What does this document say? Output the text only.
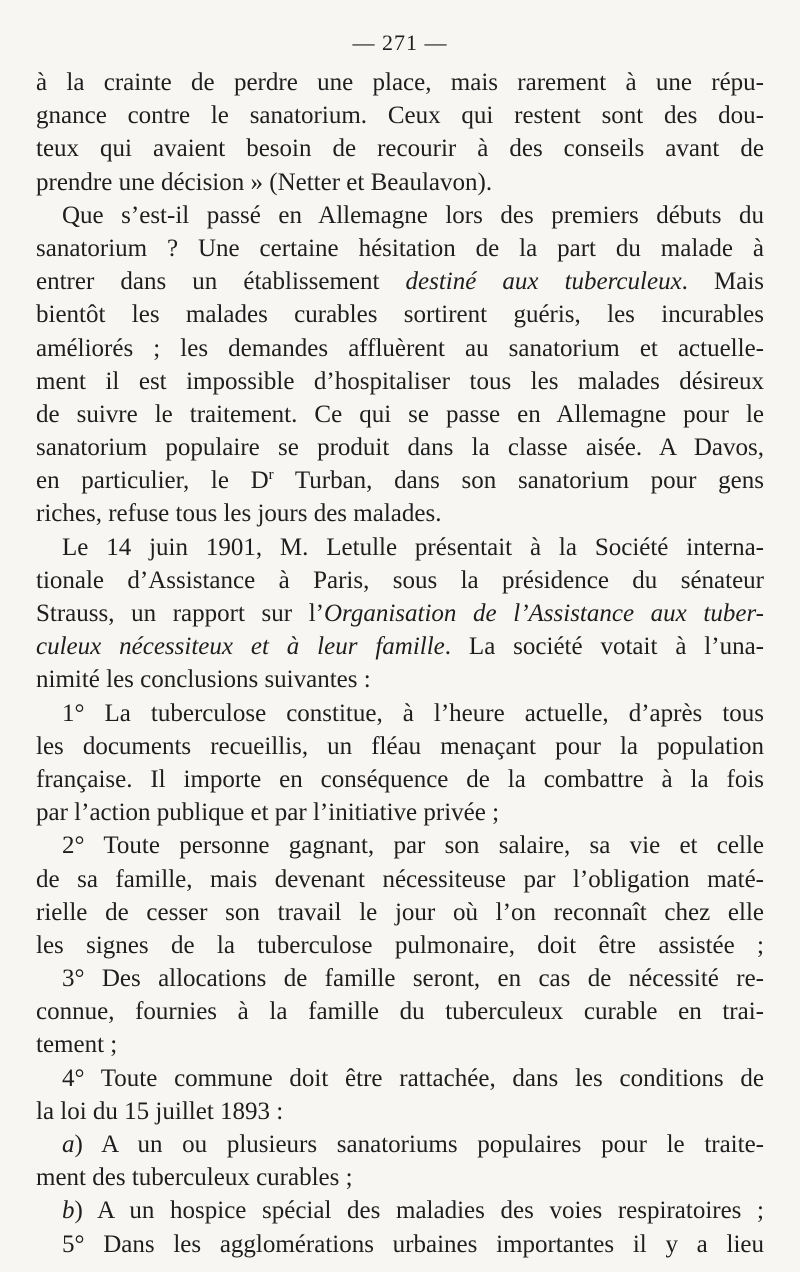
— 271 —
à la crainte de perdre une place, mais rarement à une répu-
gnance contre le sanatorium. Ceux qui restent sont des dou-
teux qui avaient besoin de recourir à des conseils avant de
prendre une décision » (Netter et Beaulavon).
Que s’est-il passé en Allemagne lors des premiers débuts du
sanatorium ? Une certaine hésitation de la part du malade à
entrer dans un établissement destiné aux tuberculeux. Mais
bientôt les malades curables sortirent guéris, les incurables
améliorés ; les demandes affluèrent au sanatorium et actuelle-
ment il est impossible d’hospitaliser tous les malades désireux
de suivre le traitement. Ce qui se passe en Allemagne pour le
sanatorium populaire se produit dans la classe aisée. A Davos,
en particulier, le $D^r$ Turban, dans son sanatorium pour gens
riches, refuse tous les jours des malades.
Le 14 juin 1901, M. Letulle présentait à la Société interna-
tionale d’Assistance à Paris, sous la présidence du sénateur
Strauss, un rapport sur l’Organisation de l’Assistance aux tuber-
culeux nécessiteux et à leur famille. La société votait à l’una-
nimité les conclusions suivantes :
1° La tuberculose constitue, à l’heure actuelle, d’après tous
les documents recueillis, un fléau menaçant pour la population
française. Il importe en conséquence de la combattre à la fois
par l’action publique et par l’initiative privée ;
2° Toute personne gagnant, par son salaire, sa vie et celle
de sa famille, mais devenant nécessiteuse par l’obligation maté-
rielle de cesser son travail le jour où l’on reconnaît chez elle
les signes de la tuberculose pulmonaire, doit être assistée ;
3° Des allocations de famille seront, en cas de nécessité re-
connue, fournies à la famille du tuberculeux curable en trai-
tement ;
4° Toute commune doit être rattachée, dans les conditions de
la loi du 15 juillet 1893 :
a) A un ou plusieurs sanatoriums populaires pour le traite-
ment des tuberculeux curables ;
b) A un hospice spécial des maladies des voies respiratoires ;
5° Dans les agglomérations urbaines importantes il y a lieu
